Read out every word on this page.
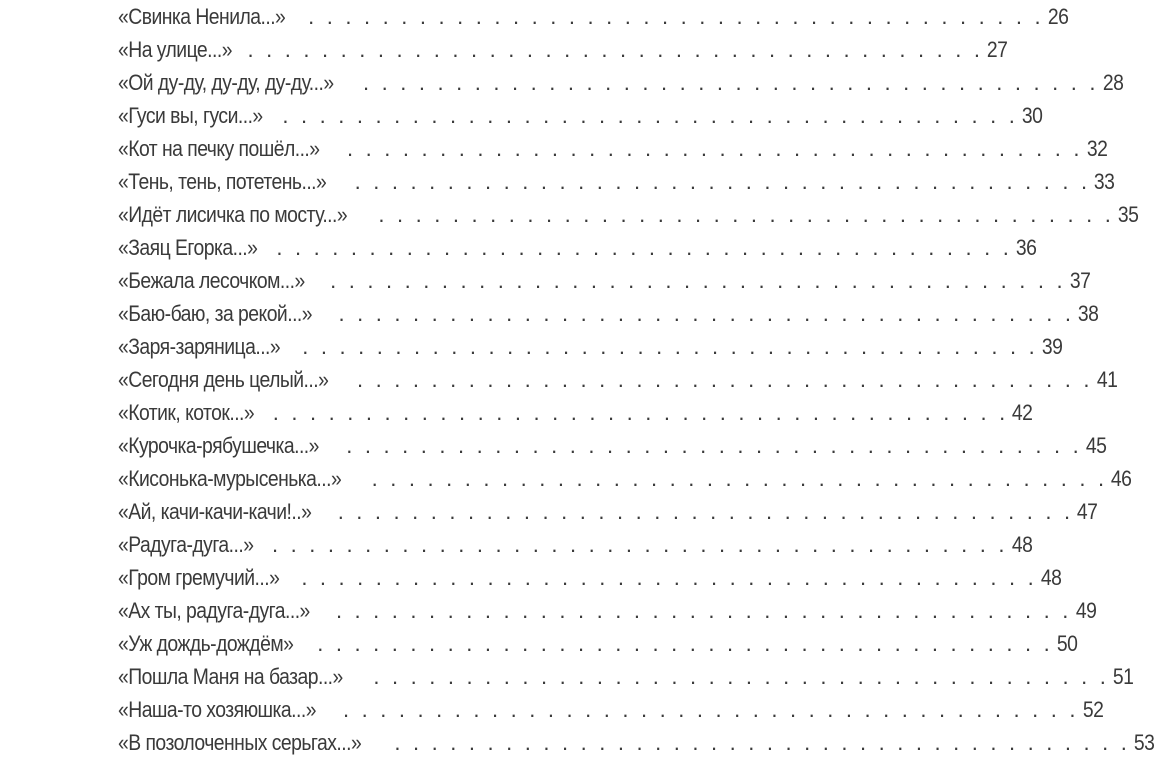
«Свинка Ненила...» . . . . . . . . . . . . . . . . . . . . . . . . . . . . . . . . . . . . . . . . 26
«На улице...» . . . . . . . . . . . . . . . . . . . . . . . . . . . . . . . . . . . . . . . . 27
«Ой ду-ду, ду-ду, ду-ду...» . . . . . . . . . . . . . . . . . . . . . . . . . . . . . . . . . . . . . . . . 28
«Гуси вы, гуси...» . . . . . . . . . . . . . . . . . . . . . . . . . . . . . . . . . . . . . . . . 30
«Кот на печку пошёл...» . . . . . . . . . . . . . . . . . . . . . . . . . . . . . . . . . . . . . . . . 32
«Тень, тень, потетень...» . . . . . . . . . . . . . . . . . . . . . . . . . . . . . . . . . . . . . . . . 33
«Идёт лисичка по мосту...» . . . . . . . . . . . . . . . . . . . . . . . . . . . . . . . . . . . . . . . . 35
«Заяц Егорка...» . . . . . . . . . . . . . . . . . . . . . . . . . . . . . . . . . . . . . . . . 36
«Бежала лесочком...» . . . . . . . . . . . . . . . . . . . . . . . . . . . . . . . . . . . . . . . . 37
«Баю-баю, за рекой...» . . . . . . . . . . . . . . . . . . . . . . . . . . . . . . . . . . . . . . . . 38
«Заря-заряница...» . . . . . . . . . . . . . . . . . . . . . . . . . . . . . . . . . . . . . . . . 39
«Сегодня день целый...» . . . . . . . . . . . . . . . . . . . . . . . . . . . . . . . . . . . . . . . . 41
«Котик, коток...» . . . . . . . . . . . . . . . . . . . . . . . . . . . . . . . . . . . . . . . . 42
«Курочка-рябушечка...» . . . . . . . . . . . . . . . . . . . . . . . . . . . . . . . . . . . . . . . . 45
«Кисонька-мурысенька...» . . . . . . . . . . . . . . . . . . . . . . . . . . . . . . . . . . . . . . . . 46
«Ай, качи-качи-качи!..» . . . . . . . . . . . . . . . . . . . . . . . . . . . . . . . . . . . . . . . . 47
«Радуга-дуга...» . . . . . . . . . . . . . . . . . . . . . . . . . . . . . . . . . . . . . . . . 48
«Гром гремучий...» . . . . . . . . . . . . . . . . . . . . . . . . . . . . . . . . . . . . . . . . 48
«Ах ты, радуга-дуга...» . . . . . . . . . . . . . . . . . . . . . . . . . . . . . . . . . . . . . . . . 49
«Уж дождь-дождём» . . . . . . . . . . . . . . . . . . . . . . . . . . . . . . . . . . . . . . . . 50
«Пошла Маня на базар...» . . . . . . . . . . . . . . . . . . . . . . . . . . . . . . . . . . . . . . . . 51
«Наша-то хозяюшка...» . . . . . . . . . . . . . . . . . . . . . . . . . . . . . . . . . . . . . . . . 52
«В позолоченных серьгах...» . . . . . . . . . . . . . . . . . . . . . . . . . . . . . . . . . . . . . . . . 53
